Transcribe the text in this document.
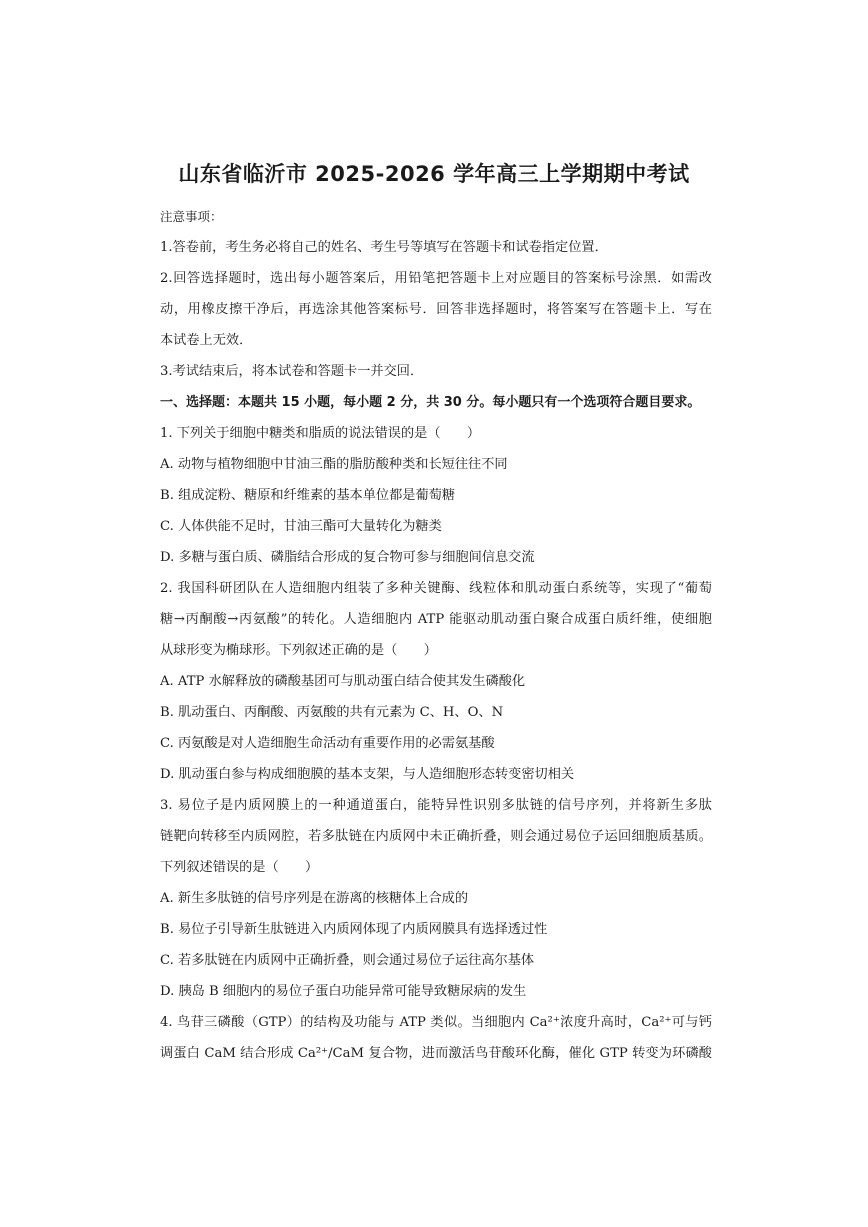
山东省临沂市 2025-2026 学年高三上学期期中考试
注意事项：
1.答卷前，考生务必将自己的姓名、考生号等填写在答题卡和试卷指定位置．
2.回答选择题时，选出每小题答案后，用铅笔把答题卡上对应题目的答案标号涂黑．如需改
动，用橡皮擦干净后，再选涂其他答案标号．回答非选择题时，将答案写在答题卡上．写在
本试卷上无效．
3.考试结束后，将本试卷和答题卡一并交回．
一、选择题：本题共 15 小题，每小题 2 分，共 30 分。每小题只有一个选项符合题目要求。
1. 下列关于细胞中糖类和脂质的说法错误的是（　　）
A. 动物与植物细胞中甘油三酯的脂肪酸种类和长短往往不同
B. 组成淀粉、糖原和纤维素的基本单位都是葡萄糖
C. 人体供能不足时，甘油三酯可大量转化为糖类
D. 多糖与蛋白质、磷脂结合形成的复合物可参与细胞间信息交流
2. 我国科研团队在人造细胞内组装了多种关键酶、线粒体和肌动蛋白系统等，实现了“葡萄
糖→丙酮酸→丙氨酸”的转化。人造细胞内 ATP 能驱动肌动蛋白聚合成蛋白质纤维，使细胞
从球形变为椭球形。下列叙述正确的是（　　）
A. ATP 水解释放的磷酸基团可与肌动蛋白结合使其发生磷酸化
B. 肌动蛋白、丙酮酸、丙氨酸的共有元素为 C、H、O、N
C. 丙氨酸是对人造细胞生命活动有重要作用的必需氨基酸
D. 肌动蛋白参与构成细胞膜的基本支架，与人造细胞形态转变密切相关
3. 易位子是内质网膜上的一种通道蛋白，能特异性识别多肽链的信号序列，并将新生多肽
链靶向转移至内质网腔，若多肽链在内质网中未正确折叠，则会通过易位子运回细胞质基质。
下列叙述错误的是（　　）
A. 新生多肽链的信号序列是在游离的核糖体上合成的
B. 易位子引导新生肽链进入内质网体现了内质网膜具有选择透过性
C. 若多肽链在内质网中正确折叠，则会通过易位子运往高尔基体
D. 胰岛 B 细胞内的易位子蛋白功能异常可能导致糖尿病的发生
4. 鸟苷三磷酸（GTP）的结构及功能与 ATP 类似。当细胞内 Ca²⁺浓度升高时，Ca²⁺可与钙
调蛋白 CaM 结合形成 Ca²⁺/CaM 复合物，进而激活鸟苷酸环化酶，催化 GTP 转变为环磷酸
